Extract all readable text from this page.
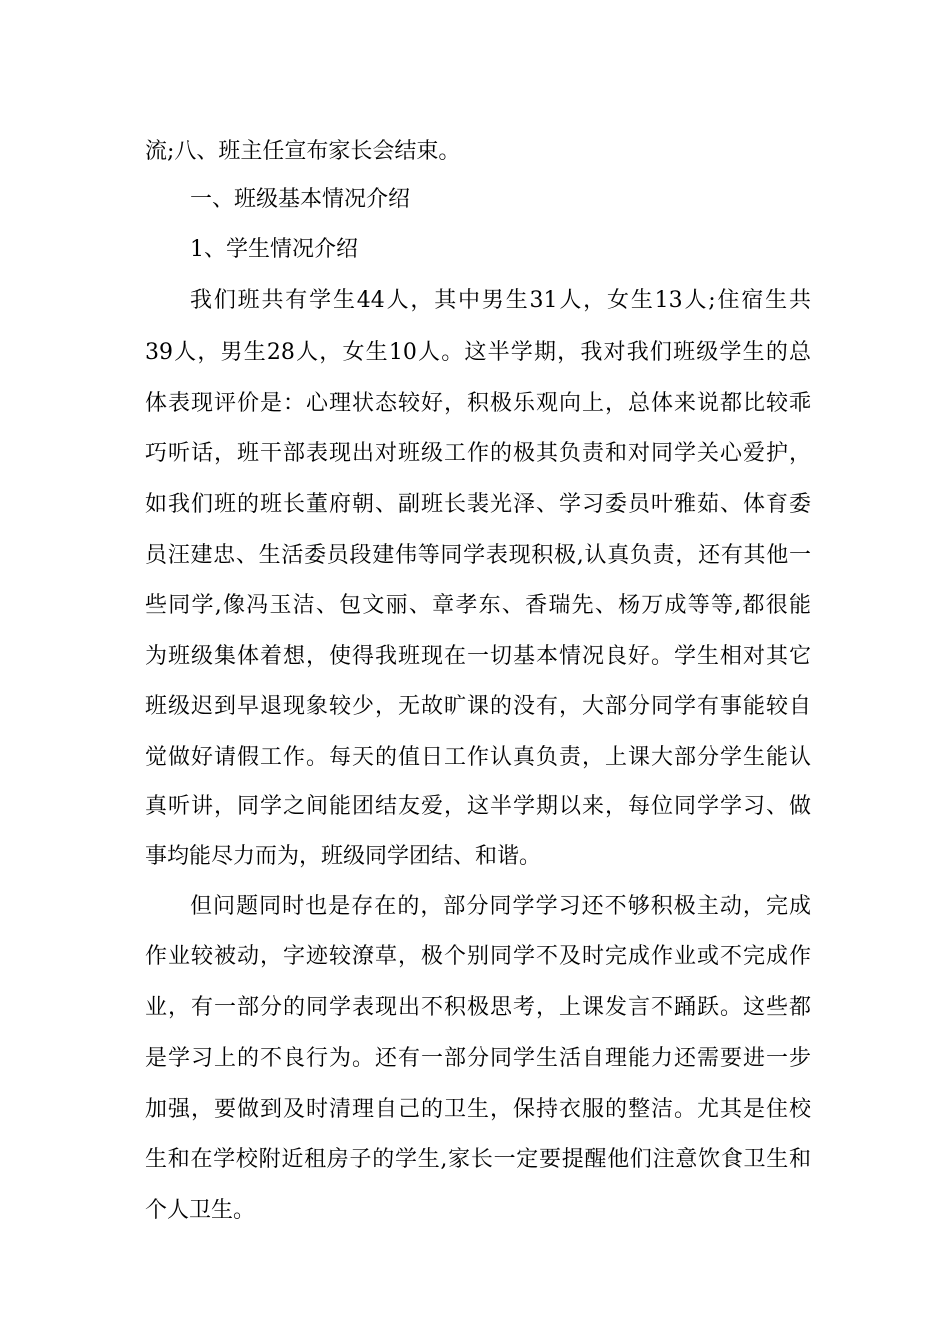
流;八、班主任宣布家长会结束。
一、班级基本情况介绍
1、学生情况介绍
我们班共有学生44人，其中男生31人，女生13人;住宿生共
39人，男生28人，女生10人。这半学期，我对我们班级学生的总
体表现评价是：心理状态较好，积极乐观向上，总体来说都比较乖
巧听话，班干部表现出对班级工作的极其负责和对同学关心爱护，
如我们班的班长董府朝、副班长裴光泽、学习委员叶雅茹、体育委
员汪建忠、生活委员段建伟等同学表现积极,认真负责，还有其他一
些同学,像冯玉洁、包文丽、章孝东、香瑞先、杨万成等等,都很能
为班级集体着想，使得我班现在一切基本情况良好。学生相对其它
班级迟到早退现象较少，无故旷课的没有，大部分同学有事能较自
觉做好请假工作。每天的值日工作认真负责，上课大部分学生能认
真听讲，同学之间能团结友爱，这半学期以来，每位同学学习、做
事均能尽力而为，班级同学团结、和谐。
但问题同时也是存在的，部分同学学习还不够积极主动，完成
作业较被动，字迹较潦草，极个别同学不及时完成作业或不完成作
业，有一部分的同学表现出不积极思考，上课发言不踊跃。这些都
是学习上的不良行为。还有一部分同学生活自理能力还需要进一步
加强，要做到及时清理自己的卫生，保持衣服的整洁。尤其是住校
生和在学校附近租房子的学生,家长一定要提醒他们注意饮食卫生和
个人卫生。
